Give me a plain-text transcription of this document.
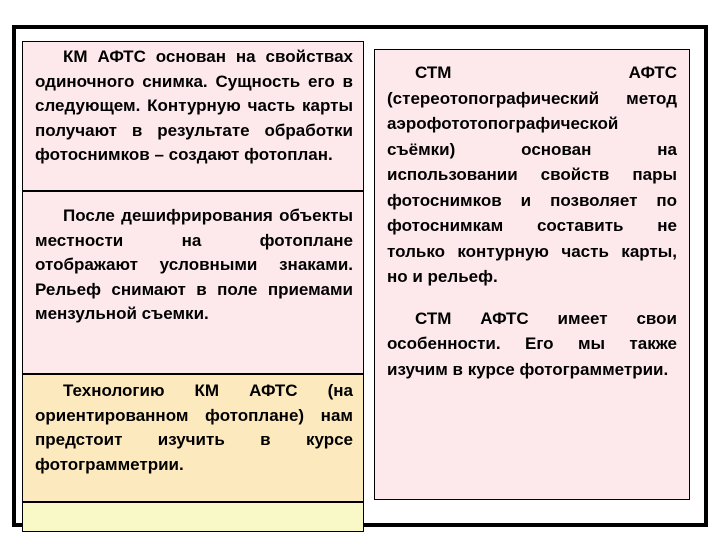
КМ АФТС основан на свойствах одиночного снимка. Сущность его в следующем. Контурную часть карты получают в результате обработки фотоснимков – создают фотоплан.

После дешифрирования объекты местности на фотоплане отображают условными знаками. Рельеф снимают в поле приемами мензульной съемки.

Технологию КМ АФТС (на ориентированном фотоплане) нам предстоит изучить в курсе фотограмметрии.

СТМ АФТС (стереотопографический метод аэрофототопографической съёмки) основан на использовании свойств пары фотоснимков и позволяет по фотоснимкам составить не только контурную часть карты, но и рельеф.

СТМ АФТС имеет свои особенности. Его мы также изучим в курсе фотограмметрии.
